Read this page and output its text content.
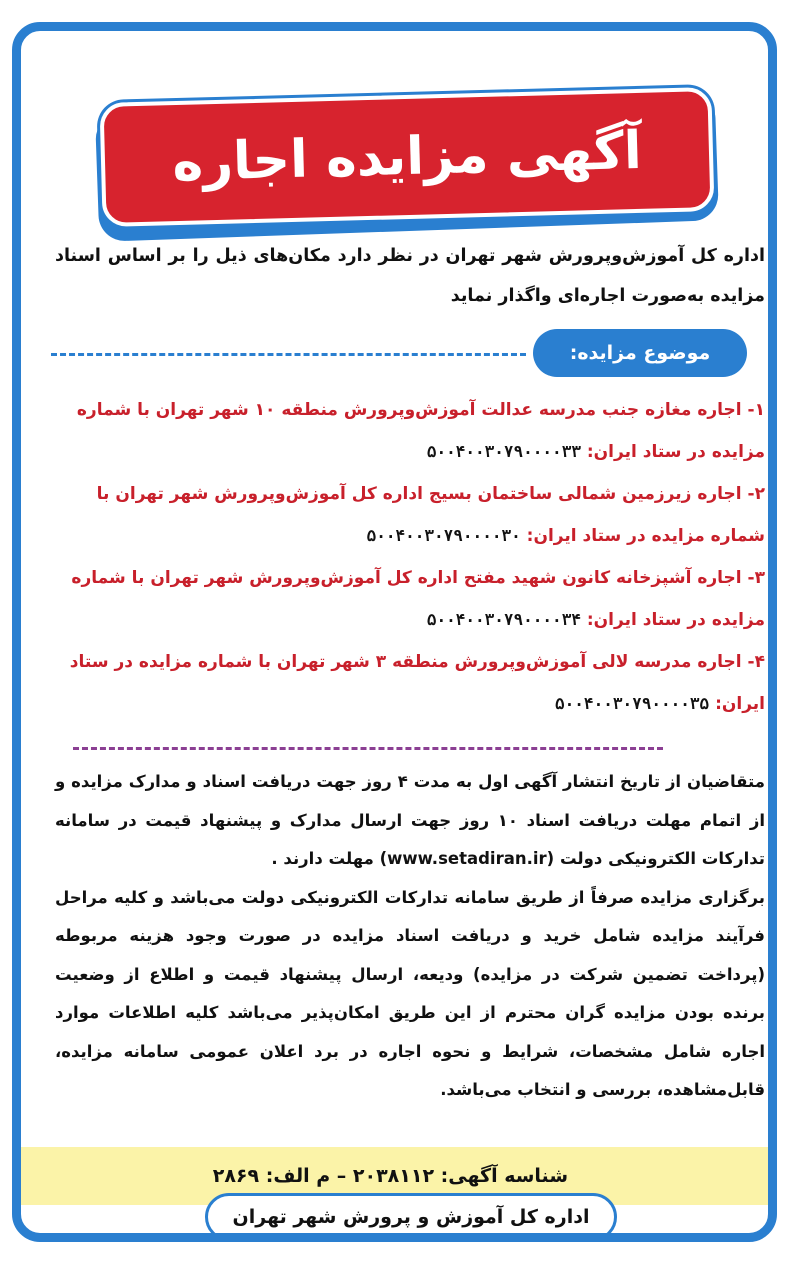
آگهی مزایده اجاره
اداره کل آموزش‌وپرورش شهر تهران در نظر دارد مکان‌های ذیل را بر اساس اسناد مزایده به‌صورت اجاره‌ای واگذار نماید
موضوع مزایده:
۱- اجاره مغازه جنب مدرسه عدالت آموزش‌وپرورش منطقه ۱۰ شهر تهران با شماره مزایده در ستاد ایران: ۵۰۰۴۰۰۳۰۷۹۰۰۰۰۳۳
۲- اجاره زیرزمین شمالی ساختمان بسیج اداره کل آموزش‌وپرورش شهر تهران با شماره مزایده در ستاد ایران: ۵۰۰۴۰۰۳۰۷۹۰۰۰۰۳۰
۳- اجاره آشپزخانه کانون شهید مفتح اداره کل آموزش‌وپرورش شهر تهران با شماره مزایده در ستاد ایران: ۵۰۰۴۰۰۳۰۷۹۰۰۰۰۳۴
۴- اجاره مدرسه لالی آموزش‌وپرورش منطقه ۳ شهر تهران با شماره مزایده در ستاد ایران: ۵۰۰۴۰۰۳۰۷۹۰۰۰۰۳۵

متقاضیان از تاریخ انتشار آگهی اول به مدت ۴ روز جهت دریافت اسناد و مدارک مزایده و از اتمام مهلت دریافت اسناد ۱۰ روز جهت ارسال مدارک و پیشنهاد قیمت در سامانه تدارکات الکترونیکی دولت (www.setadiran.ir) مهلت دارند .

برگزاری مزایده صرفاً از طریق سامانه تدارکات الکترونیکی دولت می‌باشد و کلیه مراحل فرآیند مزایده شامل خرید و دریافت اسناد مزایده در صورت وجود هزینه مربوطه (پرداخت تضمین شرکت در مزایده) ودیعه، ارسال پیشنهاد قیمت و اطلاع از وضعیت برنده بودن مزایده گران محترم از این طریق امکان‌پذیر می‌باشد کلیه اطلاعات موارد اجاره شامل مشخصات، شرایط و نحوه اجاره در برد اعلان عمومی سامانه مزایده، قابل‌مشاهده، بررسی و انتخاب می‌باشد.

شناسه آگهی: ۲۰۳۸۱۱۲ – م الف: ۲۸۶۹
اداره کل آموزش و پرورش شهر تهران
